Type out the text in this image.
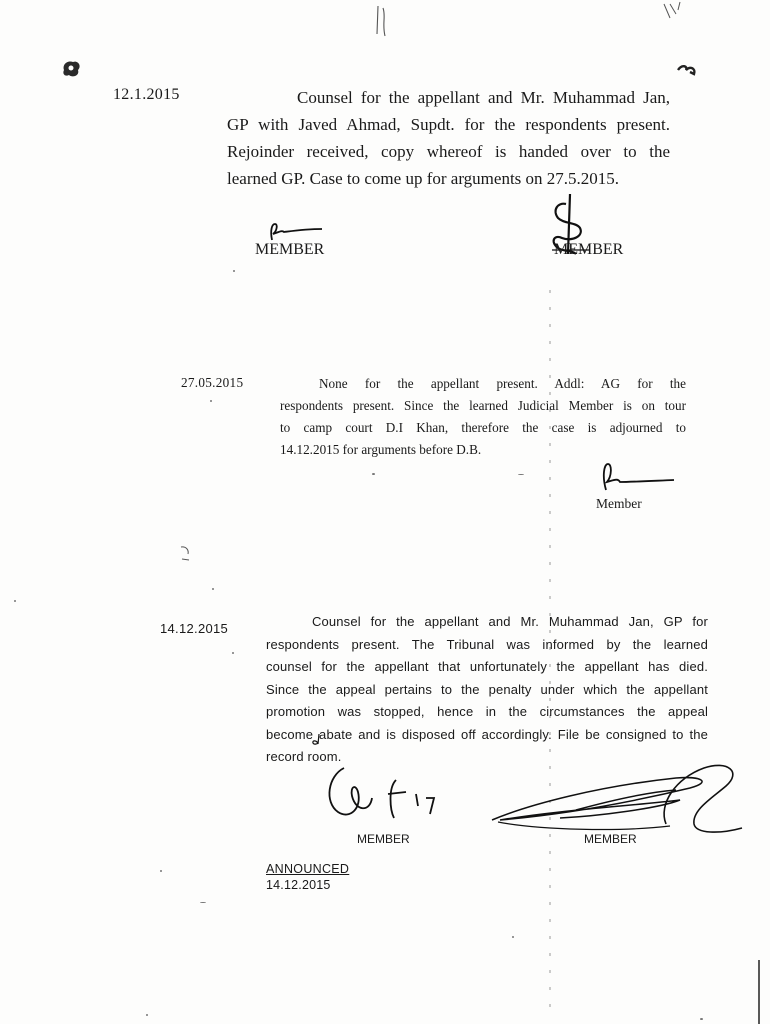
12.1.2015	Counsel for the appellant and Mr. Muhammad Jan,
GP with Javed Ahmad, Supdt. for the respondents present.
Rejoinder received, copy whereof is handed over to the
learned GP. Case to come up for arguments on 27.5.2015.
MEMBER	MEMBER
27.05.2015	None for the appellant present. Addl: AG for the
respondents present. Since the learned Judicial Member is on tour
to camp court D.I Khan, therefore the case is adjourned to
14.12.2015 for arguments before D.B.
Member
14.12.2015	Counsel for the appellant and Mr. Muhammad Jan, GP for
respondents present. The Tribunal was informed by the learned
counsel for the appellant that unfortunately the appellant has died.
Since the appeal pertains to the penalty under which the appellant
promotion was stopped, hence in the circumstances the appeal
become abate and is disposed off accordingly. File be consigned to the
record room.
MEMBER	MEMBER
ANNOUNCED
14.12.2015
